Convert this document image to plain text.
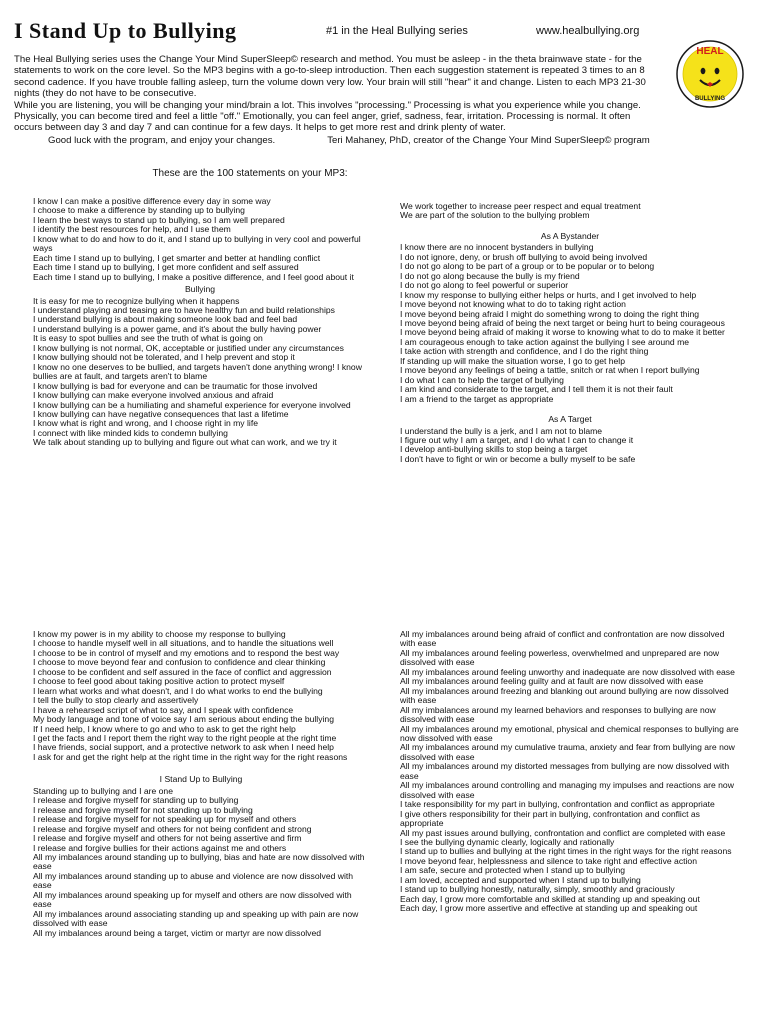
I Stand Up to Bullying	#1 in the Heal Bullying series	www.healbullying.org
HEAL
BULLYING

The Heal Bullying series uses the Change Your Mind SuperSleep© research and method. You must be asleep - in the theta brainwave state - for the statements to work on the core level. So the MP3 begins with a go-to-sleep introduction. Then each suggestion statement is repeated 3 times to an 8 second cadence. If you have trouble falling asleep, turn the volume down very low. Your brain will still "hear" it and change. Listen to each MP3 21-30 nights (they do not have to be consecutive.

While you are listening, you will be changing your mind/brain a lot. This involves "processing." Processing is what you experience while you change. Physically, you can become tired and feel a little "off." Emotionally, you can feel anger, grief, sadness, fear, irritation. Processing is normal. It often occurs between day 3 and day 7 and can continue for a few days. It helps to get more rest and drink plenty of water.

Good luck with the program, and enjoy your changes.	Teri Mahaney, PhD, creator of the Change Your Mind SuperSleep© program

These are the 100 statements on your MP3:
I know I can make a positive difference every day in some way
I choose to make a difference by standing up to bullying
I learn the best ways to stand up to bullying, so I am well prepared
I identify the best resources for help, and I use them
I know what to do and how to do it, and I stand up to bullying in very cool and powerful ways
Each time I stand up to bullying, I get smarter and better at handling conflict
Each time I stand up to bullying, I get more confident and self assured
Each time I stand up to bullying, I make a positive difference, and I feel good about it
Bullying
It is easy for me to recognize bullying when it happens
I understand playing and teasing are to have healthy fun and build relationships
I understand bullying is about making someone look bad and feel bad
I understand bullying is a power game, and it's about the bully having power
It is easy to spot bullies and see the truth of what is going on
I know bullying is not normal, OK, acceptable or justified under any circumstances
I know bullying should not be tolerated, and I help prevent and stop it
I know no one deserves to be bullied, and targets haven't done anything wrong! I know bullies are at fault, and targets aren't to blame
I know bullying is bad for everyone and can be traumatic for those involved
I know bullying can make everyone involved anxious and afraid
I know bullying can be a humiliating and shameful experience for everyone involved
I know bullying can have negative consequences that last a lifetime
I know what is right and wrong, and I choose right in my life
I connect with like minded kids to condemn bullying
We talk about standing up to bullying and figure out what can work, and we try it
We work together to increase peer respect and equal treatment
We are part of the solution to the bullying problem
As A Bystander
I know there are no innocent bystanders in bullying
I do not ignore, deny, or brush off bullying to avoid being involved
I do not go along to be part of a group or to be popular or to belong
I do not go along because the bully is my friend
I do not go along to feel powerful or superior
I know my response to bullying either helps or hurts, and I get involved to help
I move beyond not knowing what to do to taking right action
I move beyond being afraid I might do something wrong to doing the right thing
I move beyond being afraid of being the next target or being hurt to being courageous
I move beyond being afraid of making it worse to knowing what to do to make it better
I am courageous enough to take action against the bullying I see around me
I take action with strength and confidence, and I do the right thing
If standing up will make the situation worse, I go to get help
I move beyond any feelings of being a tattle, snitch or rat when I report bullying
I do what I can to help the target of bullying
I am kind and considerate to the target, and I tell them it is not their fault
I am a friend to the target as appropriate
As A Target
I understand the bully is a jerk, and I am not to blame
I figure out why I am a target, and I do what I can to change it
I develop anti-bullying skills to stop being a target
I don't have to fight or win or become a bully myself to be safe
I know my power is in my ability to choose my response to bullying
I choose to handle myself well in all situations, and to handle the situations well
I choose to be in control of myself and my emotions and to respond the best way
I choose to move beyond fear and confusion to confidence and clear thinking
I choose to be confident and self assured in the face of conflict and aggression
I choose to feel good about taking positive action to protect myself
I learn what works and what doesn't, and I do what works to end the bullying
I tell the bully to stop clearly and assertively
I have a rehearsed script of what to say, and I speak with confidence
My body language and tone of voice say I am serious about ending the bullying
If I need help, I know where to go and who to ask to get the right help
I get the facts and I report them the right way to the right people at the right time
I have friends, social support, and a protective network to ask when I need help
I ask for and get the right help at the right time in the right way for the right reasons
I Stand Up to Bullying
Standing up to bullying and I are one
I release and forgive myself for standing up to bullying
I release and forgive myself for not standing up to bullying
I release and forgive myself for not speaking up for myself and others
I release and forgive myself and others for not being confident and strong
I release and forgive myself and others for not being assertive and firm
I release and forgive bullies for their actions against me and others
All my imbalances around standing up to bullying, bias and hate are now dissolved with ease
All my imbalances around standing up to abuse and violence are now dissolved with ease
All my imbalances around speaking up for myself and others are now dissolved with ease
All my imbalances around associating standing up and speaking up with pain are now dissolved with ease
All my imbalances around being a target, victim or martyr are now dissolved
All my imbalances around being afraid of conflict and confrontation are now dissolved with ease
All my imbalances around feeling powerless, overwhelmed and unprepared are now dissolved with ease
All my imbalances around feeling unworthy and inadequate are now dissolved with ease
All my imbalances around feeling guilty and at fault are now dissolved with ease
All my imbalances around freezing and blanking out around bullying are now dissolved with ease
All my imbalances around my learned behaviors and responses to bullying are now dissolved with ease
All my imbalances around my emotional, physical and chemical responses to bullying are now dissolved with ease
All my imbalances around my cumulative trauma, anxiety and fear from bullying are now dissolved with ease
All my imbalances around my distorted messages from bullying are now dissolved with ease
All my imbalances around controlling and managing my impulses and reactions are now dissolved with ease
I take responsibility for my part in bullying, confrontation and conflict as appropriate
I give others responsibility for their part in bullying, confrontation and conflict as appropriate
All my past issues around bullying, confrontation and conflict are completed with ease
I see the bullying dynamic clearly, logically and rationally
I stand up to bullies and bullying at the right times in the right ways for the right reasons
I move beyond fear, helplessness and silence to take right and effective action
I am safe, secure and protected when I stand up to bullying
I am loved, accepted and supported when I stand up to bullying
I stand up to bullying honestly, naturally, simply, smoothly and graciously
Each day, I grow more comfortable and skilled at standing up and speaking out
Each day, I grow more assertive and effective at standing up and speaking out
